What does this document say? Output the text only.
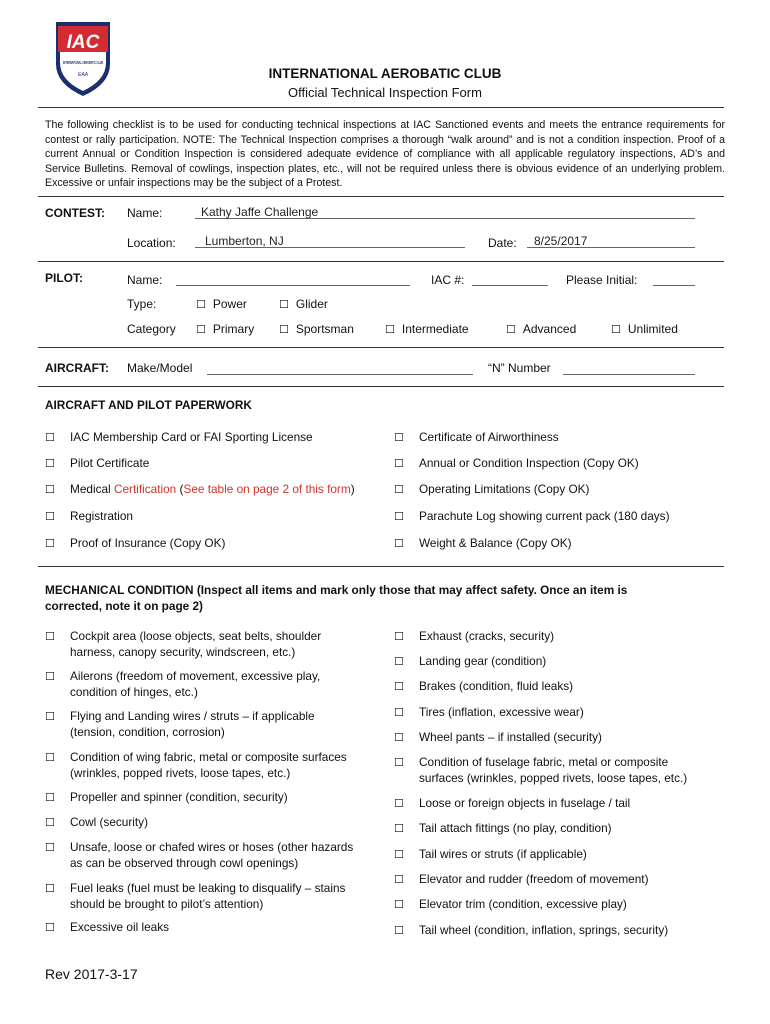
IAC
INTERNATIONAL AEROBATIC CLUB
EAA	INTERNATIONAL AEROBATIC CLUB
Official Technical Inspection Form
The following checklist is to be used for conducting technical inspections at IAC Sanctioned events and meets the entrance requirements for contest or rally participation. NOTE: The Technical Inspection comprises a thorough “walk around” and is not a condition inspection. Proof of a current Annual or Condition Inspection is considered adequate evidence of compliance with all applicable regulatory inspections, AD’s and Service Bulletins. Removal of cowlings, inspection plates, etc., will not be required unless there is obvious evidence of an underlying problem. Excessive or unfair inspections may be the subject of a Protest.
CONTEST: Name:	Kathy Jaffe Challenge
Location:	Lumberton, NJ	Date:	8/25/2017
PILOT:	Name:	IAC #:	Please Initial:
Type:	☐ Power	☐ Glider
Category	☐ Primary	☐ Sportsman	☐ Intermediate	☐ Advanced	☐ Unlimited
AIRCRAFT: Make/Model	“N” Number
AIRCRAFT AND PILOT PAPERWORK
☐ IAC Membership Card or FAI Sporting License
☐ Pilot Certificate
☐ Medical Certification (See table on page 2 of this form)
☐ Registration
☐ Proof of Insurance (Copy OK)
☐ Certificate of Airworthiness
☐ Annual or Condition Inspection (Copy OK)
☐ Operating Limitations (Copy OK)
☐ Parachute Log showing current pack (180 days)
☐ Weight & Balance (Copy OK)
MECHANICAL CONDITION (Inspect all items and mark only those that may affect safety. Once an item is
corrected, note it on page 2)
☐ Cockpit area (loose objects, seat belts, shoulder
harness, canopy security, windscreen, etc.)
☐ Ailerons (freedom of movement, excessive play,
condition of hinges, etc.)
☐ Flying and Landing wires / struts – if applicable
(tension, condition, corrosion)
☐ Condition of wing fabric, metal or composite surfaces
(wrinkles, popped rivets, loose tapes, etc.)
☐ Propeller and spinner (condition, security)
☐ Cowl (security)
☐ Unsafe, loose or chafed wires or hoses (other hazards
as can be observed through cowl openings)
☐ Fuel leaks (fuel must be leaking to disqualify – stains
should be brought to pilot’s attention)
☐ Excessive oil leaks
☐ Exhaust (cracks, security)
☐ Landing gear (condition)
☐ Brakes (condition, fluid leaks)
☐ Tires (inflation, excessive wear)
☐ Wheel pants – if installed (security)
☐ Condition of fuselage fabric, metal or composite
surfaces (wrinkles, popped rivets, loose tapes, etc.)
☐ Loose or foreign objects in fuselage / tail
☐ Tail attach fittings (no play, condition)
☐ Tail wires or struts (if applicable)
☐ Elevator and rudder (freedom of movement)
☐ Elevator trim (condition, excessive play)
☐ Tail wheel (condition, inflation, springs, security)
Rev 2017-3-17
